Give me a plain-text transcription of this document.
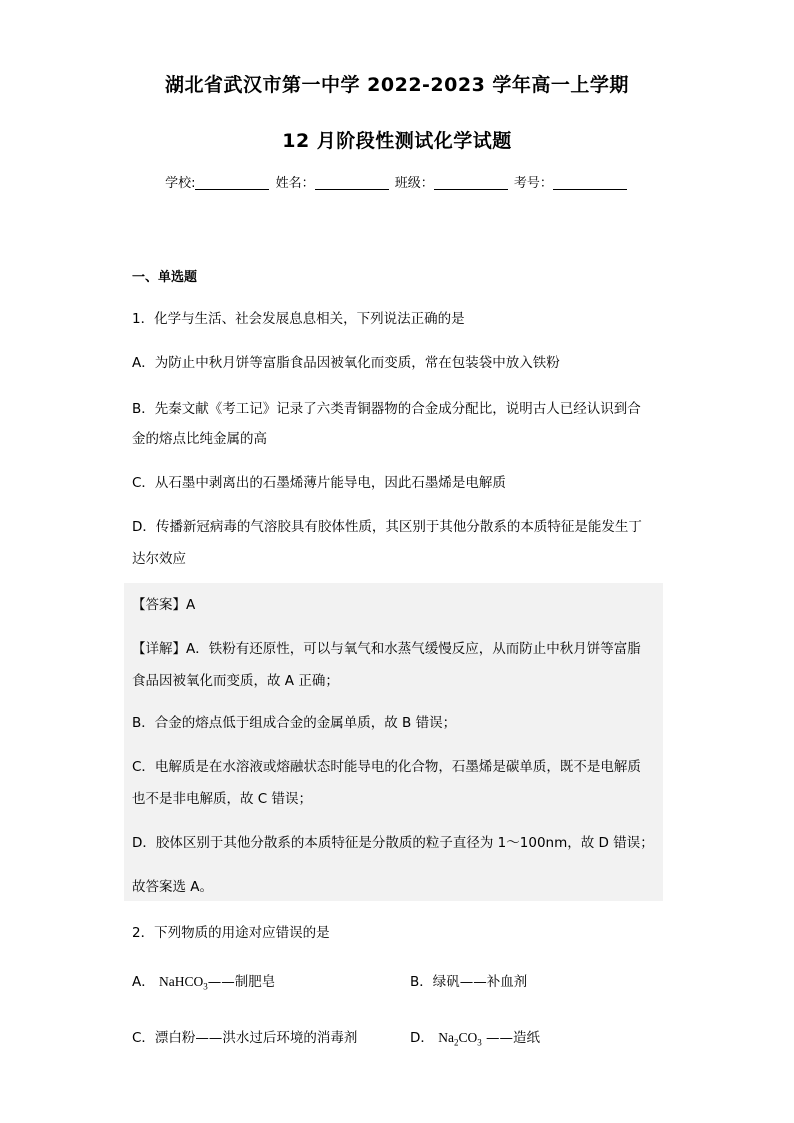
湖北省武汉市第一中学 2022-2023 学年高一上学期
12 月阶段性测试化学试题
学校:	姓名：	班级：	考号：
一、单选题
1．化学与生活、社会发展息息相关，下列说法正确的是
A．为防止中秋月饼等富脂食品因被氧化而变质，常在包装袋中放入铁粉
B．先秦文献《考工记》记录了六类青铜器物的合金成分配比，说明古人已经认识到合
金的熔点比纯金属的高
C．从石墨中剥离出的石墨烯薄片能导电，因此石墨烯是电解质
D．传播新冠病毒的气溶胶具有胶体性质，其区别于其他分散系的本质特征是能发生丁
达尔效应
【答案】A
【详解】A．铁粉有还原性，可以与氧气和水蒸气缓慢反应，从而防止中秋月饼等富脂
食品因被氧化而变质，故 A 正确；
B．合金的熔点低于组成合金的金属单质，故 B 错误；
C．电解质是在水溶液或熔融状态时能导电的化合物，石墨烯是碳单质，既不是电解质
也不是非电解质，故 C 错误；
D．胶体区别于其他分散系的本质特征是分散质的粒子直径为 1～100nm，故 D 错误；
故答案选 A。
2．下列物质的用途对应错误的是
A． NaHCO$_3$——制肥皂	B．绿矾——补血剂
C．漂白粉——洪水过后环境的消毒剂	D． $Na_2CO_3$ ——造纸
